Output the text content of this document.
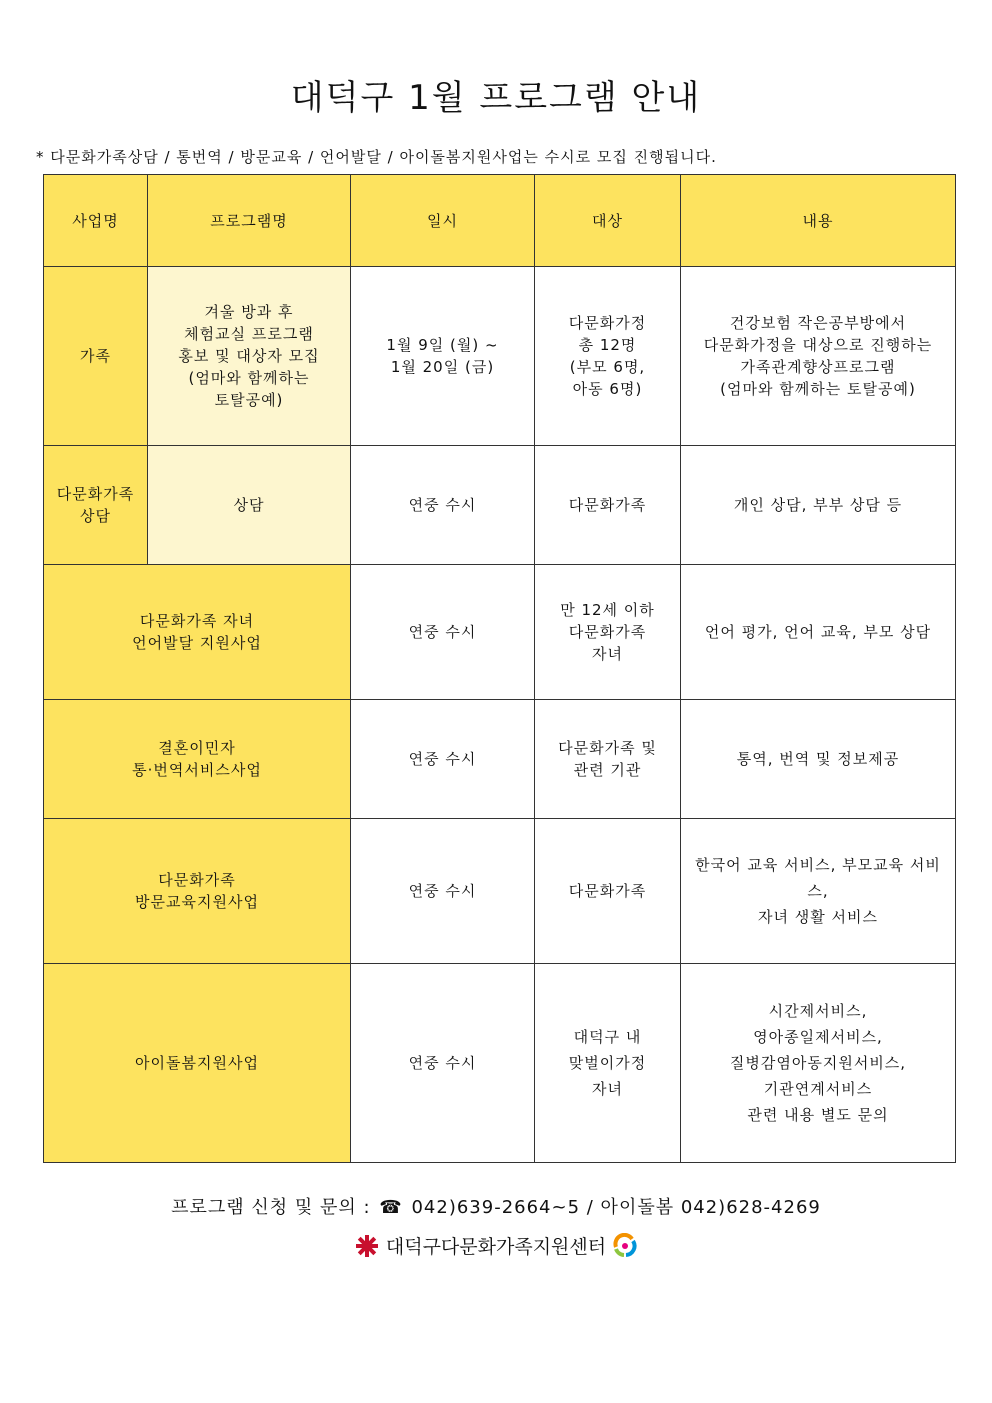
대덕구 1월 프로그램 안내
* 다문화가족상담 / 통번역 / 방문교육 / 언어발달 / 아이돌봄지원사업는 수시로 모집 진행됩니다.
사업명	프로그램명	일시	대상	내용

가족	겨울 방과 후
체험교실 프로그램
홍보 및 대상자 모집
(엄마와 함께하는
토탈공예)	1월 9일 (월) ~
1월 20일 (금)	다문화가정
총 12명
(부모 6명,
아동 6명)	건강보험 작은공부방에서
다문화가정을 대상으로 진행하는
가족관계향상프로그램
(엄마와 함께하는 토탈공예)

다문화가족
상담	상담	연중 수시	다문화가족	개인 상담, 부부 상담 등

다문화가족 자녀
언어발달 지원사업		연중 수시	만 12세 이하
다문화가족
자녀	언어 평가, 언어 교육, 부모 상담

결혼이민자
통·번역서비스사업		연중 수시	다문화가족 및
관련 기관	통역, 번역 및 정보제공

다문화가족
방문교육지원사업		연중 수시	다문화가족	한국어 교육 서비스, 부모교육 서비스,
자녀 생활 서비스

아이돌봄지원사업		연중 수시	대덕구 내
맞벌이가정
자녀	시간제서비스,
영아종일제서비스,
질병감염아동지원서비스,
기관연계서비스
관련 내용 별도 문의
프로그램 신청 및 문의 : ☎ 042)639-2664~5 / 아이돌봄 042)628-4269
대덕구다문화가족지원센터
